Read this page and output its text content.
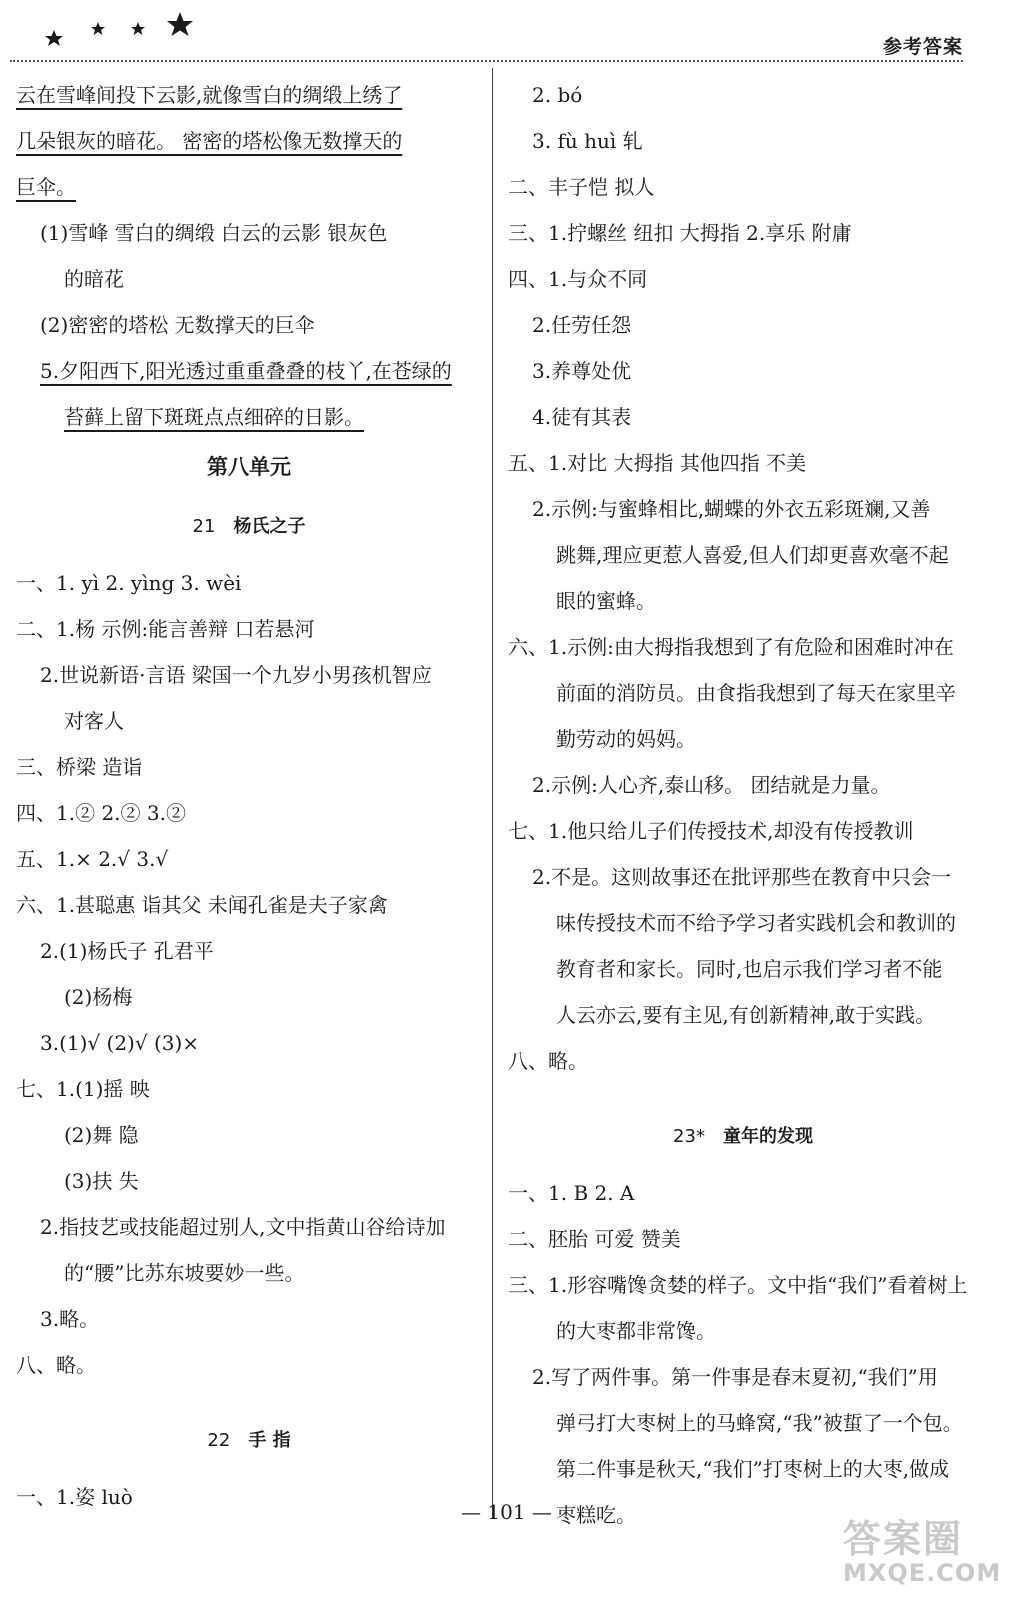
参考答案
云在雪峰间投下云影,就像雪白的绸缎上绣了
几朵银灰的暗花。 密密的塔松像无数撑天的
巨伞。
(1)雪峰 雪白的绸缎 白云的云影 银灰色
的暗花
(2)密密的塔松 无数撑天的巨伞
5.夕阳西下,阳光透过重重叠叠的枝丫,在苍绿的
苔藓上留下斑斑点点细碎的日影。
第八单元
21 杨氏之子
一、1. yì 2. yìng 3. wèi
二、1.杨 示例:能言善辩 口若悬河
2.世说新语·言语 梁国一个九岁小男孩机智应
对客人
三、桥梁 造诣
四、1.② 2.② 3.②
五、1.× 2.√ 3.√
六、1.甚聪惠 诣其父 未闻孔雀是夫子家禽
2.(1)杨氏子 孔君平
(2)杨梅
3.(1)√ (2)√ (3)×
七、1.(1)摇 映
(2)舞 隐
(3)扶 失
2.指技艺或技能超过别人,文中指黄山谷给诗加
的“腰”比苏东坡要妙一些。
3.略。
八、略。
22 手 指
一、1.姿 luò
2. bó
3. fù huì 轧
二、丰子恺 拟人
三、1.拧螺丝 纽扣 大拇指 2.享乐 附庸
四、1.与众不同
2.任劳任怨
3.养尊处优
4.徒有其表
五、1.对比 大拇指 其他四指 不美
2.示例:与蜜蜂相比,蝴蝶的外衣五彩斑斓,又善
跳舞,理应更惹人喜爱,但人们却更喜欢毫不起
眼的蜜蜂。
六、1.示例:由大拇指我想到了有危险和困难时冲在
前面的消防员。由食指我想到了每天在家里辛
勤劳动的妈妈。
2.示例:人心齐,泰山移。 团结就是力量。
七、1.他只给儿子们传授技术,却没有传授教训
2.不是。这则故事还在批评那些在教育中只会一
味传授技术而不给予学习者实践机会和教训的
教育者和家长。同时,也启示我们学习者不能
人云亦云,要有主见,有创新精神,敢于实践。
八、略。
23* 童年的发现
一、1. B 2. A
二、胚胎 可爱 赞美
三、1.形容嘴馋贪婪的样子。文中指“我们”看着树上
的大枣都非常馋。
2.写了两件事。第一件事是春末夏初,“我们”用
弹弓打大枣树上的马蜂窝,“我”被蜇了一个包。
第二件事是秋天,“我们”打枣树上的大枣,做成
枣糕吃。
— 101 —
答案圈
MXQE.COM
